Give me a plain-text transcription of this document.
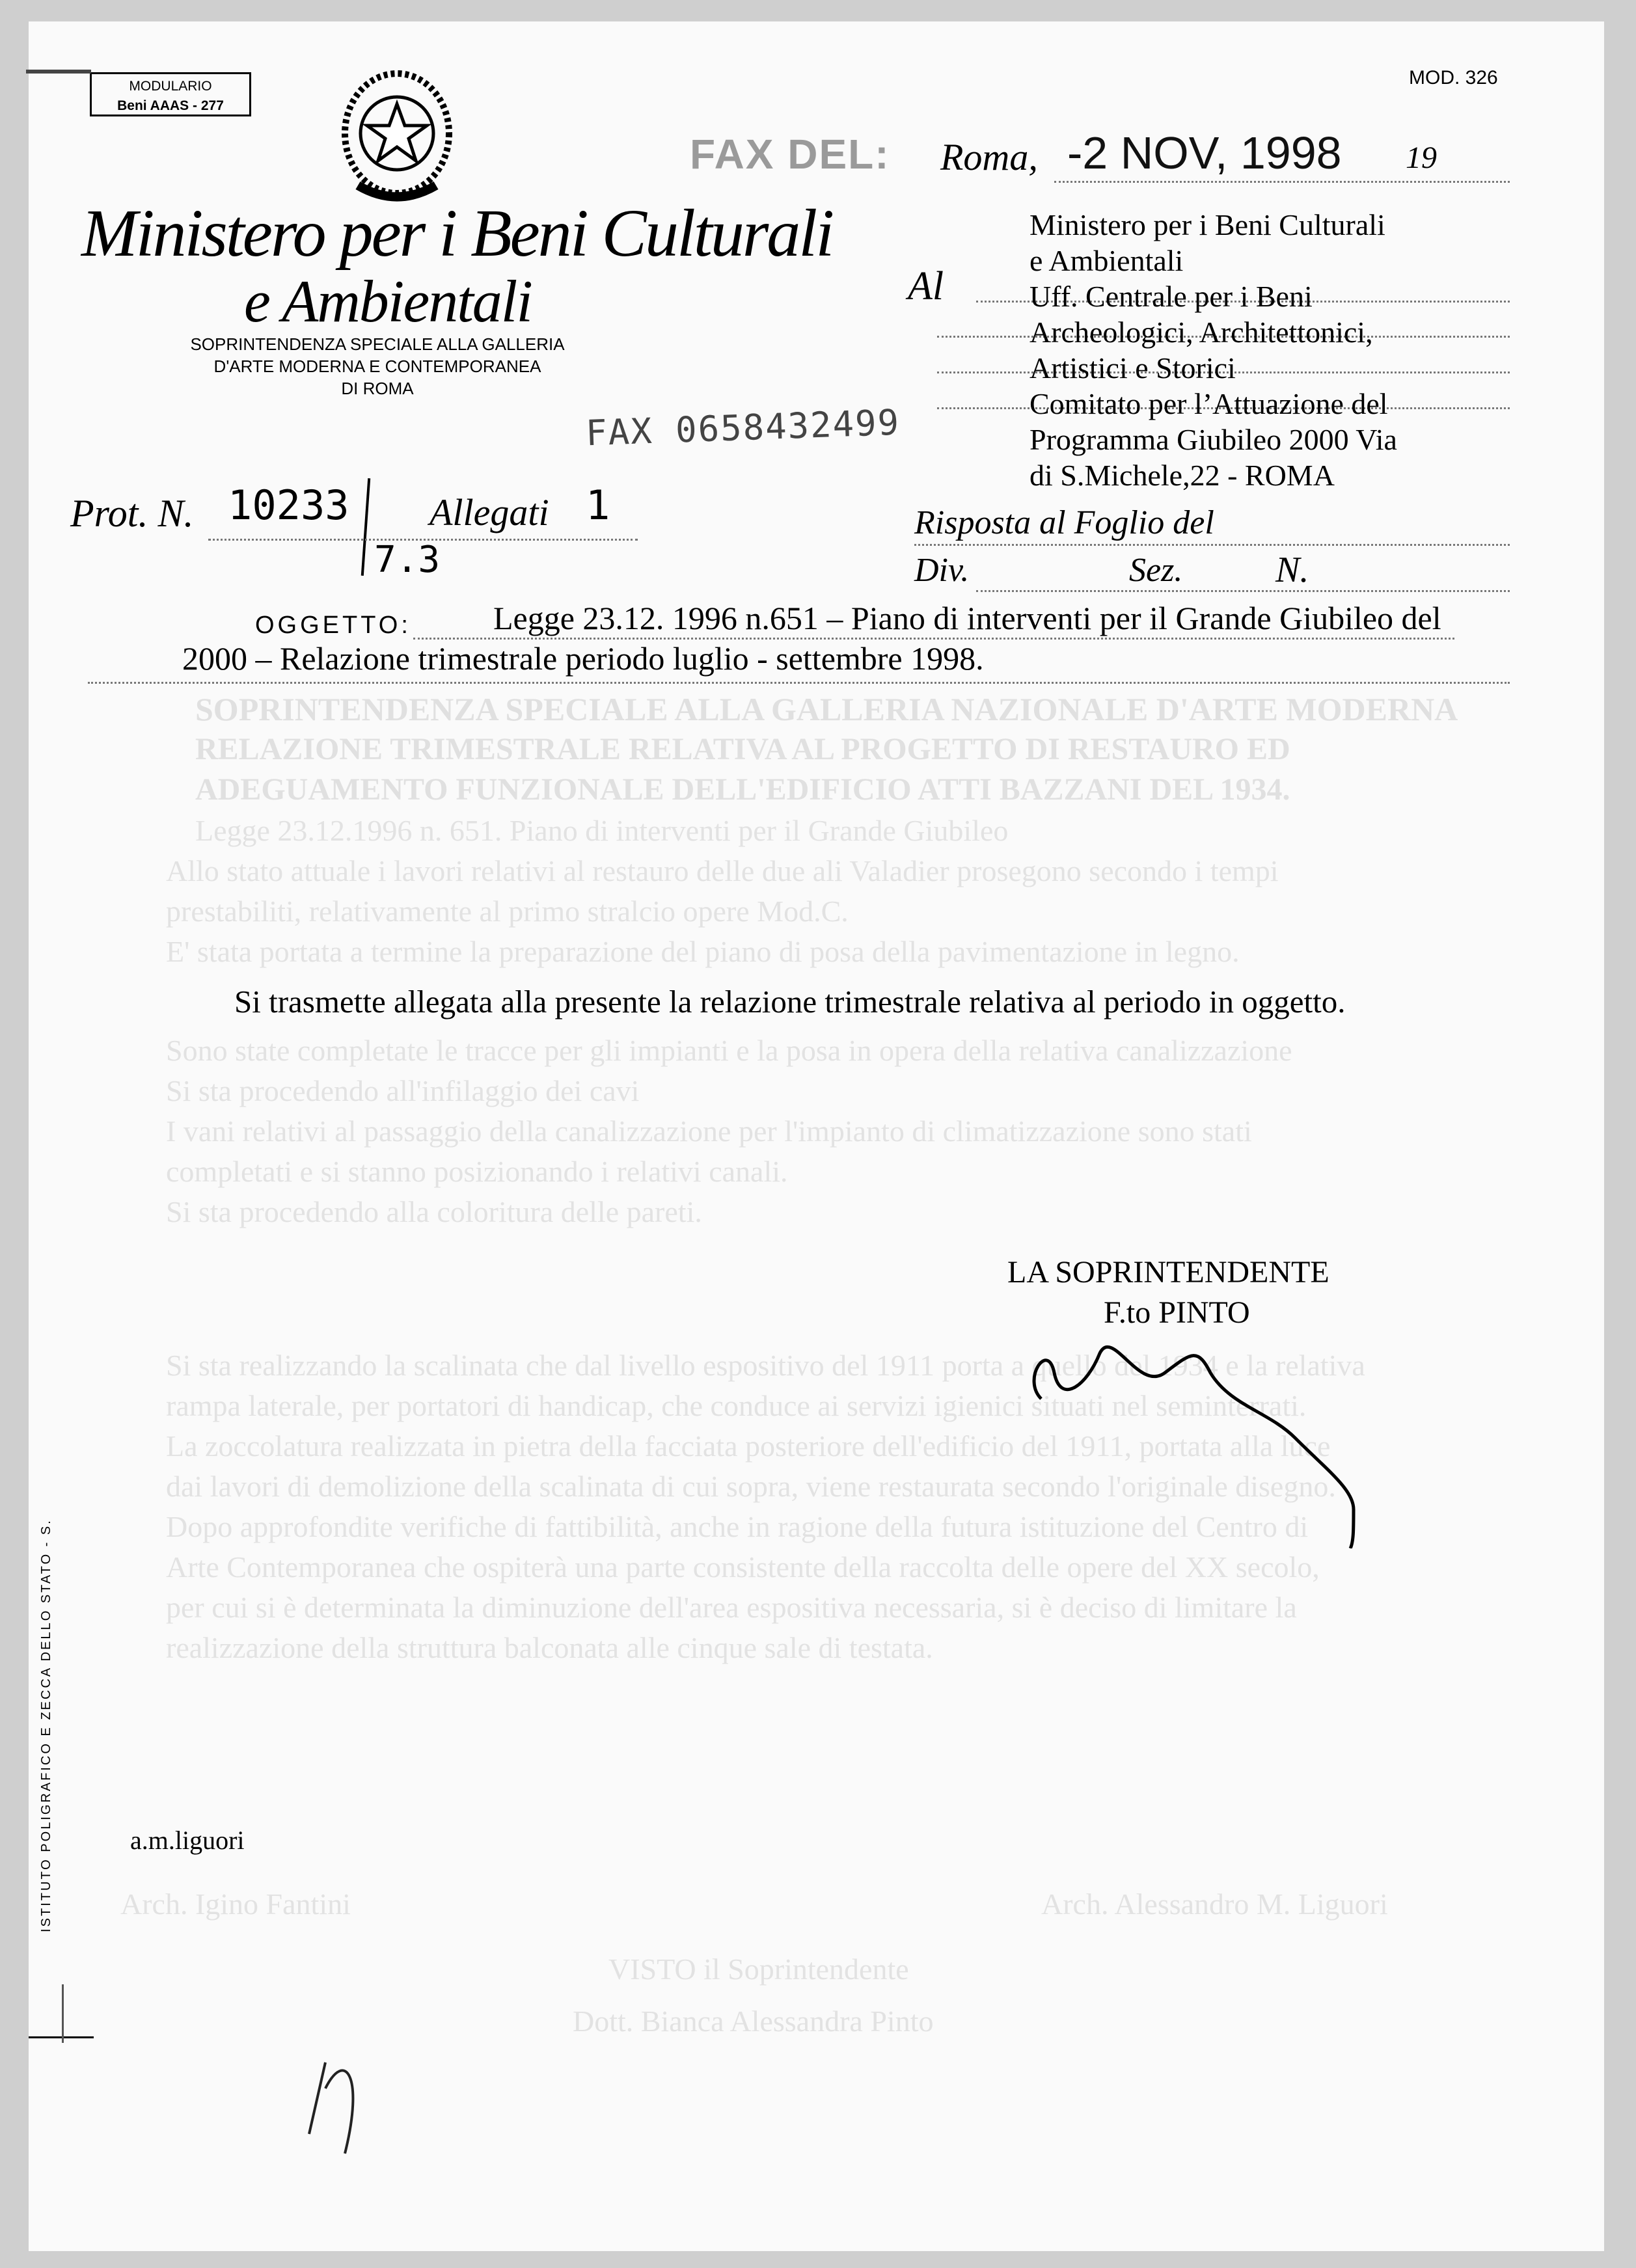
SOPRINTENDENZA SPECIALE ALLA GALLERIA NAZIONALE D'ARTE MODERNA
RELAZIONE TRIMESTRALE RELATIVA AL PROGETTO DI RESTAURO ED
ADEGUAMENTO FUNZIONALE DELL'EDIFICIO ATTI BAZZANI DEL 1934.
Legge 23.12.1996 n. 651. Piano di interventi per il Grande Giubileo
Allo stato attuale i lavori relativi al restauro delle due ali Valadier prosegono secondo i tempi
prestabiliti, relativamente al primo stralcio opere Mod.C.
E' stata portata a termine la preparazione del piano di posa della pavimentazione in legno.
Sono state completate le tracce per gli impianti e la posa in opera della relativa canalizzazione
Si sta procedendo all'infilaggio dei cavi
I vani relativi al passaggio della canalizzazione per l'impianto di climatizzazione sono stati
completati e si stanno posizionando i relativi canali.
Si sta procedendo alla coloritura delle pareti.
Si sta realizzando la scalinata che dal livello espositivo del 1911 porta a quello del 1934 e la relativa
rampa laterale, per portatori di handicap, che conduce ai servizi igienici situati nel seminterrati.
La zoccolatura realizzata in pietra della facciata posteriore dell'edificio del 1911, portata alla luce
dai lavori di demolizione della scalinata di cui sopra, viene restaurata secondo l'originale disegno.
Dopo approfondite verifiche di fattibilità, anche in ragione della futura istituzione del Centro di
Arte Contemporanea che ospiterà una parte consistente della raccolta delle opere del XX secolo,
per cui si è determinata la diminuzione dell'area espositiva necessaria, si è deciso di limitare la
realizzazione della struttura balconata alle cinque sale di testata.
Arch. Igino Fantini	Arch. Alessandro M. Liguori
VISTO il Soprintendente
Dott. Bianca Alessandra Pinto
MODULARIO
Beni AAAS - 277
MOD. 326
FAX DEL: Roma, -2 NOV, 1998 19
Ministero per i Beni Culturali
e Ambientali
SOPRINTENDENZA SPECIALE ALLA GALLERIA
D'ARTE MODERNA E CONTEMPORANEA
DI ROMA
FAX 0658432499
Al
Ministero per i Beni Culturali
e Ambientali
Uff. Centrale per i Beni
Archeologici, Architettonici,
Artistici e Storici
Comitato per l’Attuazione del
Programma Giubileo 2000 Via
di S.Michele,22 - ROMA
Prot. N. 10233
7.3
Allegati 1	Risposta al Foglio del
Div.	Sez.	N.
OGGETTO:	Legge 23.12. 1996 n.651 – Piano di interventi per il Grande Giubileo del
2000 – Relazione trimestrale periodo luglio - settembre 1998.
Si trasmette allegata alla presente la relazione trimestrale relativa al periodo in oggetto.
LA SOPRINTENDENTE
F.to PINTO
a.m.liguori
ISTITUTO POLIGRAFICO E ZECCA DELLO STATO - S.
